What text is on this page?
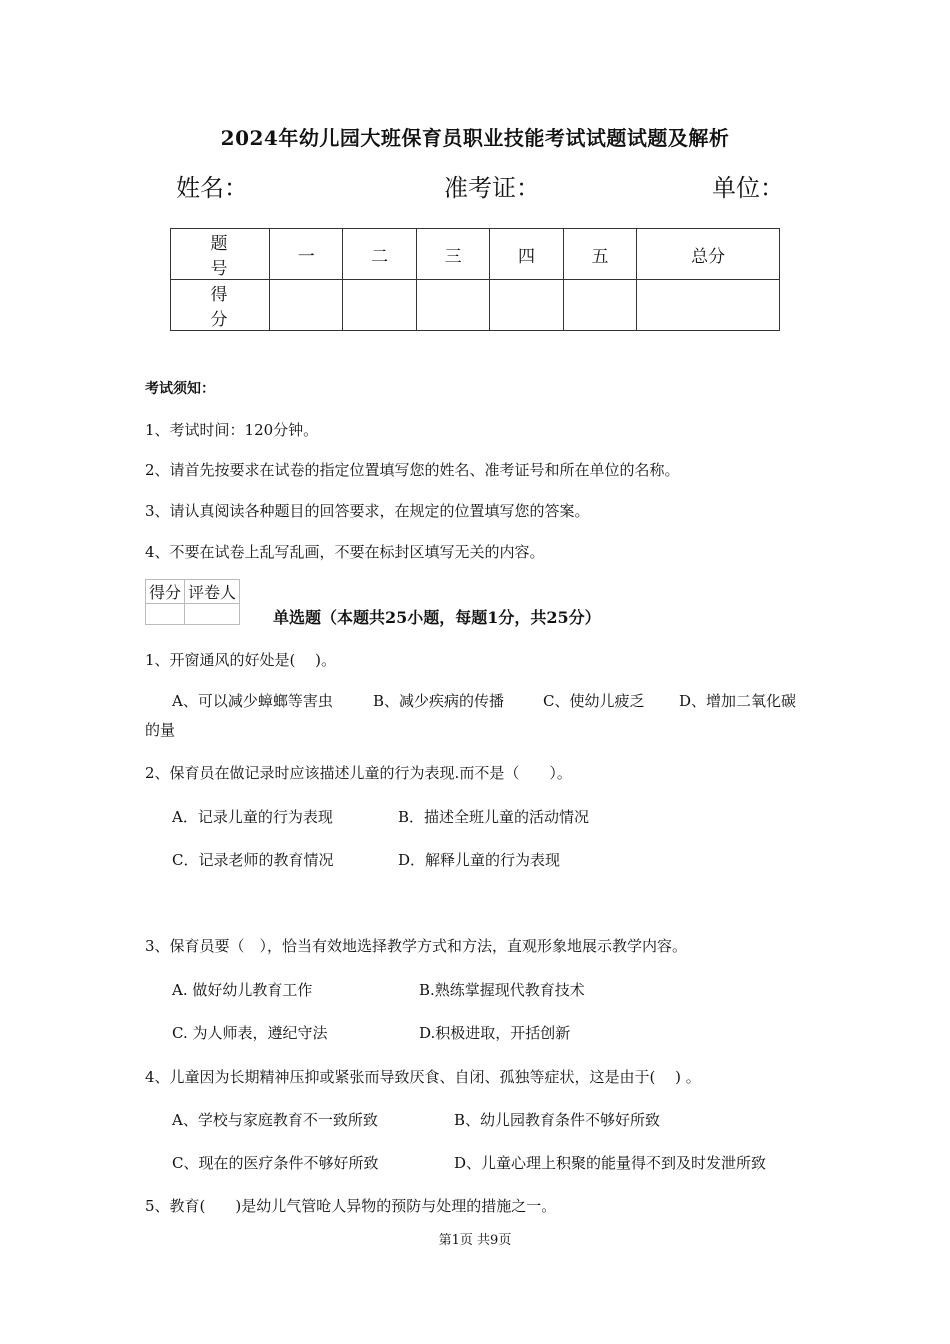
2024年幼儿园大班保育员职业技能考试试题试题及解析
姓名：	准考证：	单位：
题　号	一	二	三	四	五	总分
得　分						
考试须知：
1、考试时间：120分钟。
2、请首先按要求在试卷的指定位置填写您的姓名、准考证号和所在单位的名称。
3、请认真阅读各种题目的回答要求，在规定的位置填写您的答案。
4、不要在试卷上乱写乱画，不要在标封区填写无关的内容。
得分	评卷人

单选题（本题共25小题，每题1分，共25分）
1、开窗通风的好处是(　 )。
A、可以减少蟑螂等害虫	B、减少疾病的传播	C、使幼儿疲乏 D、增加二氧化碳
的量
2、保育员在做记录时应该描述儿童的行为表现.而不是（　　）。
A．记录儿童的行为表现	B．描述全班儿童的活动情况
C．记录老师的教育情况	D．解释儿童的行为表现
3、保育员要（　），恰当有效地选择教学方式和方法，直观形象地展示教学内容。
A. 做好幼儿教育工作	B.熟练掌握现代教育技术
C. 为人师表，遵纪守法	D.积极进取，开括创新
4、儿童因为长期精神压抑或紧张而导致厌食、自闭、孤独等症状，这是由于(　 ) 。
A、学校与家庭教育不一致所致	B、幼儿园教育条件不够好所致
C、现在的医疗条件不够好所致	D、儿童心理上积聚的能量得不到及时发泄所致
5、教育(　　)是幼儿气管呛人异物的预防与处理的措施之一。
第1页 共9页
